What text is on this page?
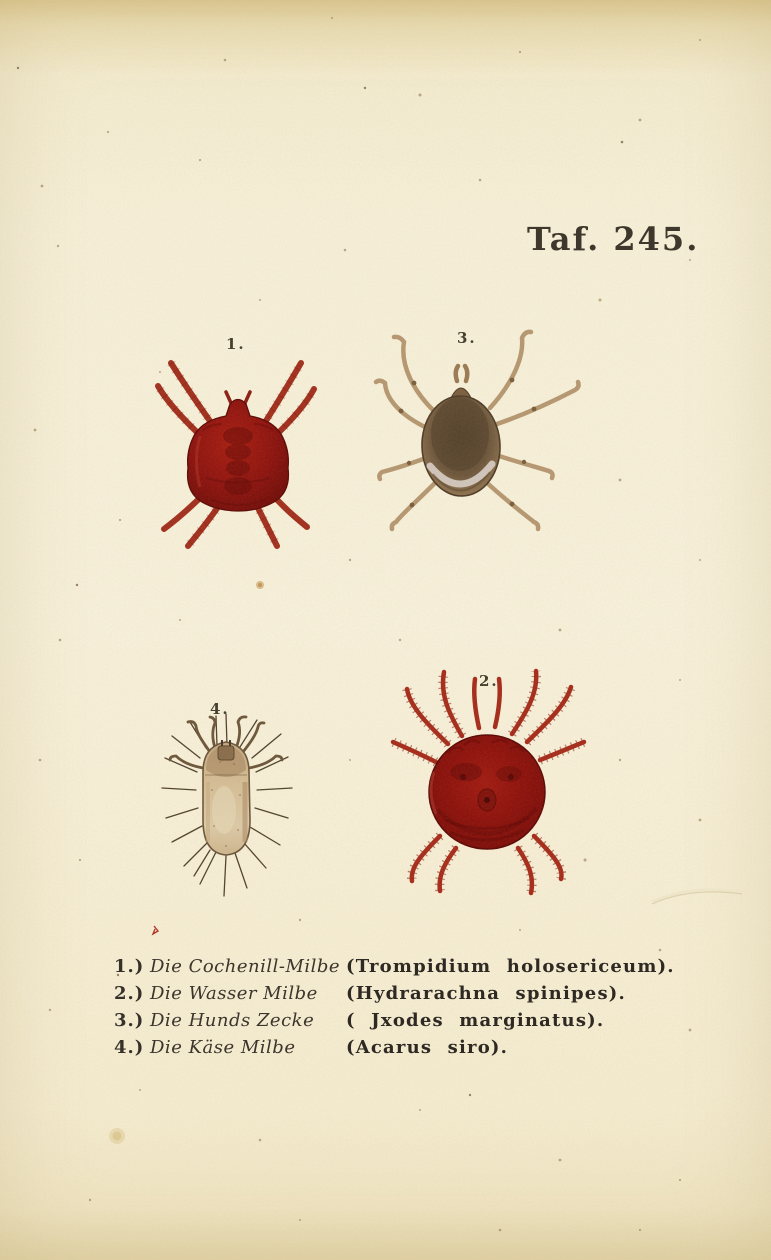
Taf. 245.
1.	3.
4.
2.
1.) Die Cochenill-Milbe (Trompidium holosericeum).
2.) Die Wasser Milbe (Hydrarachna spinipes).
3.) Die Hunds Zecke ( Jxodes marginatus).
4.) Die Käse Milbe	(Acarus siro).
